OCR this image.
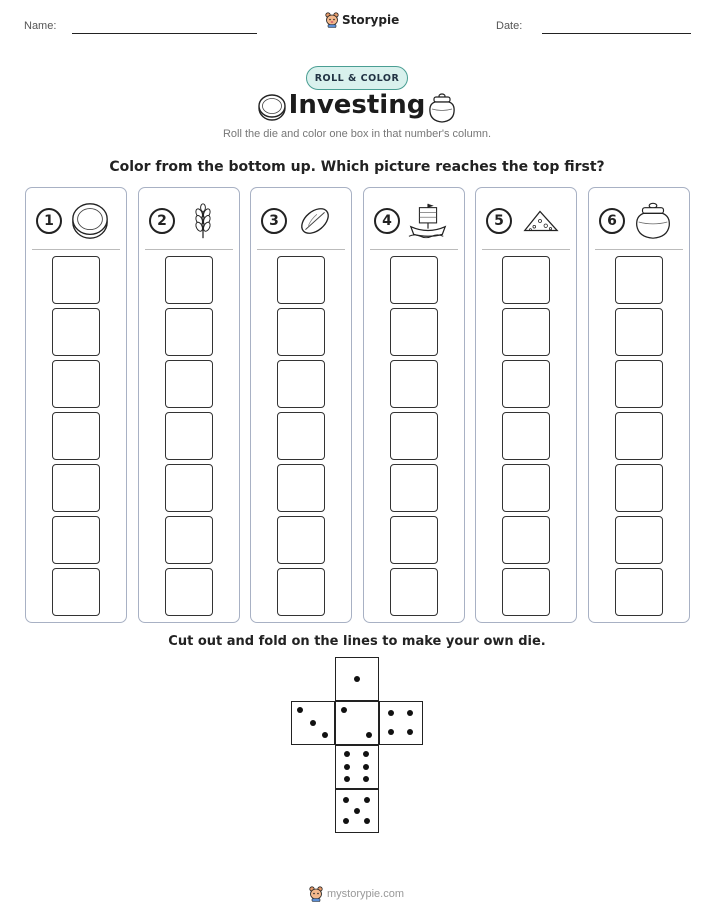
Name:	Storypie	Date:
ROLL & COLOR
Investing
Roll the die and color one box in that number's column.
Color from the bottom up. Which picture reaches the top first?
1	2	3	4	5	6
Cut out and fold on the lines to make your own die.
mystorypie.com
